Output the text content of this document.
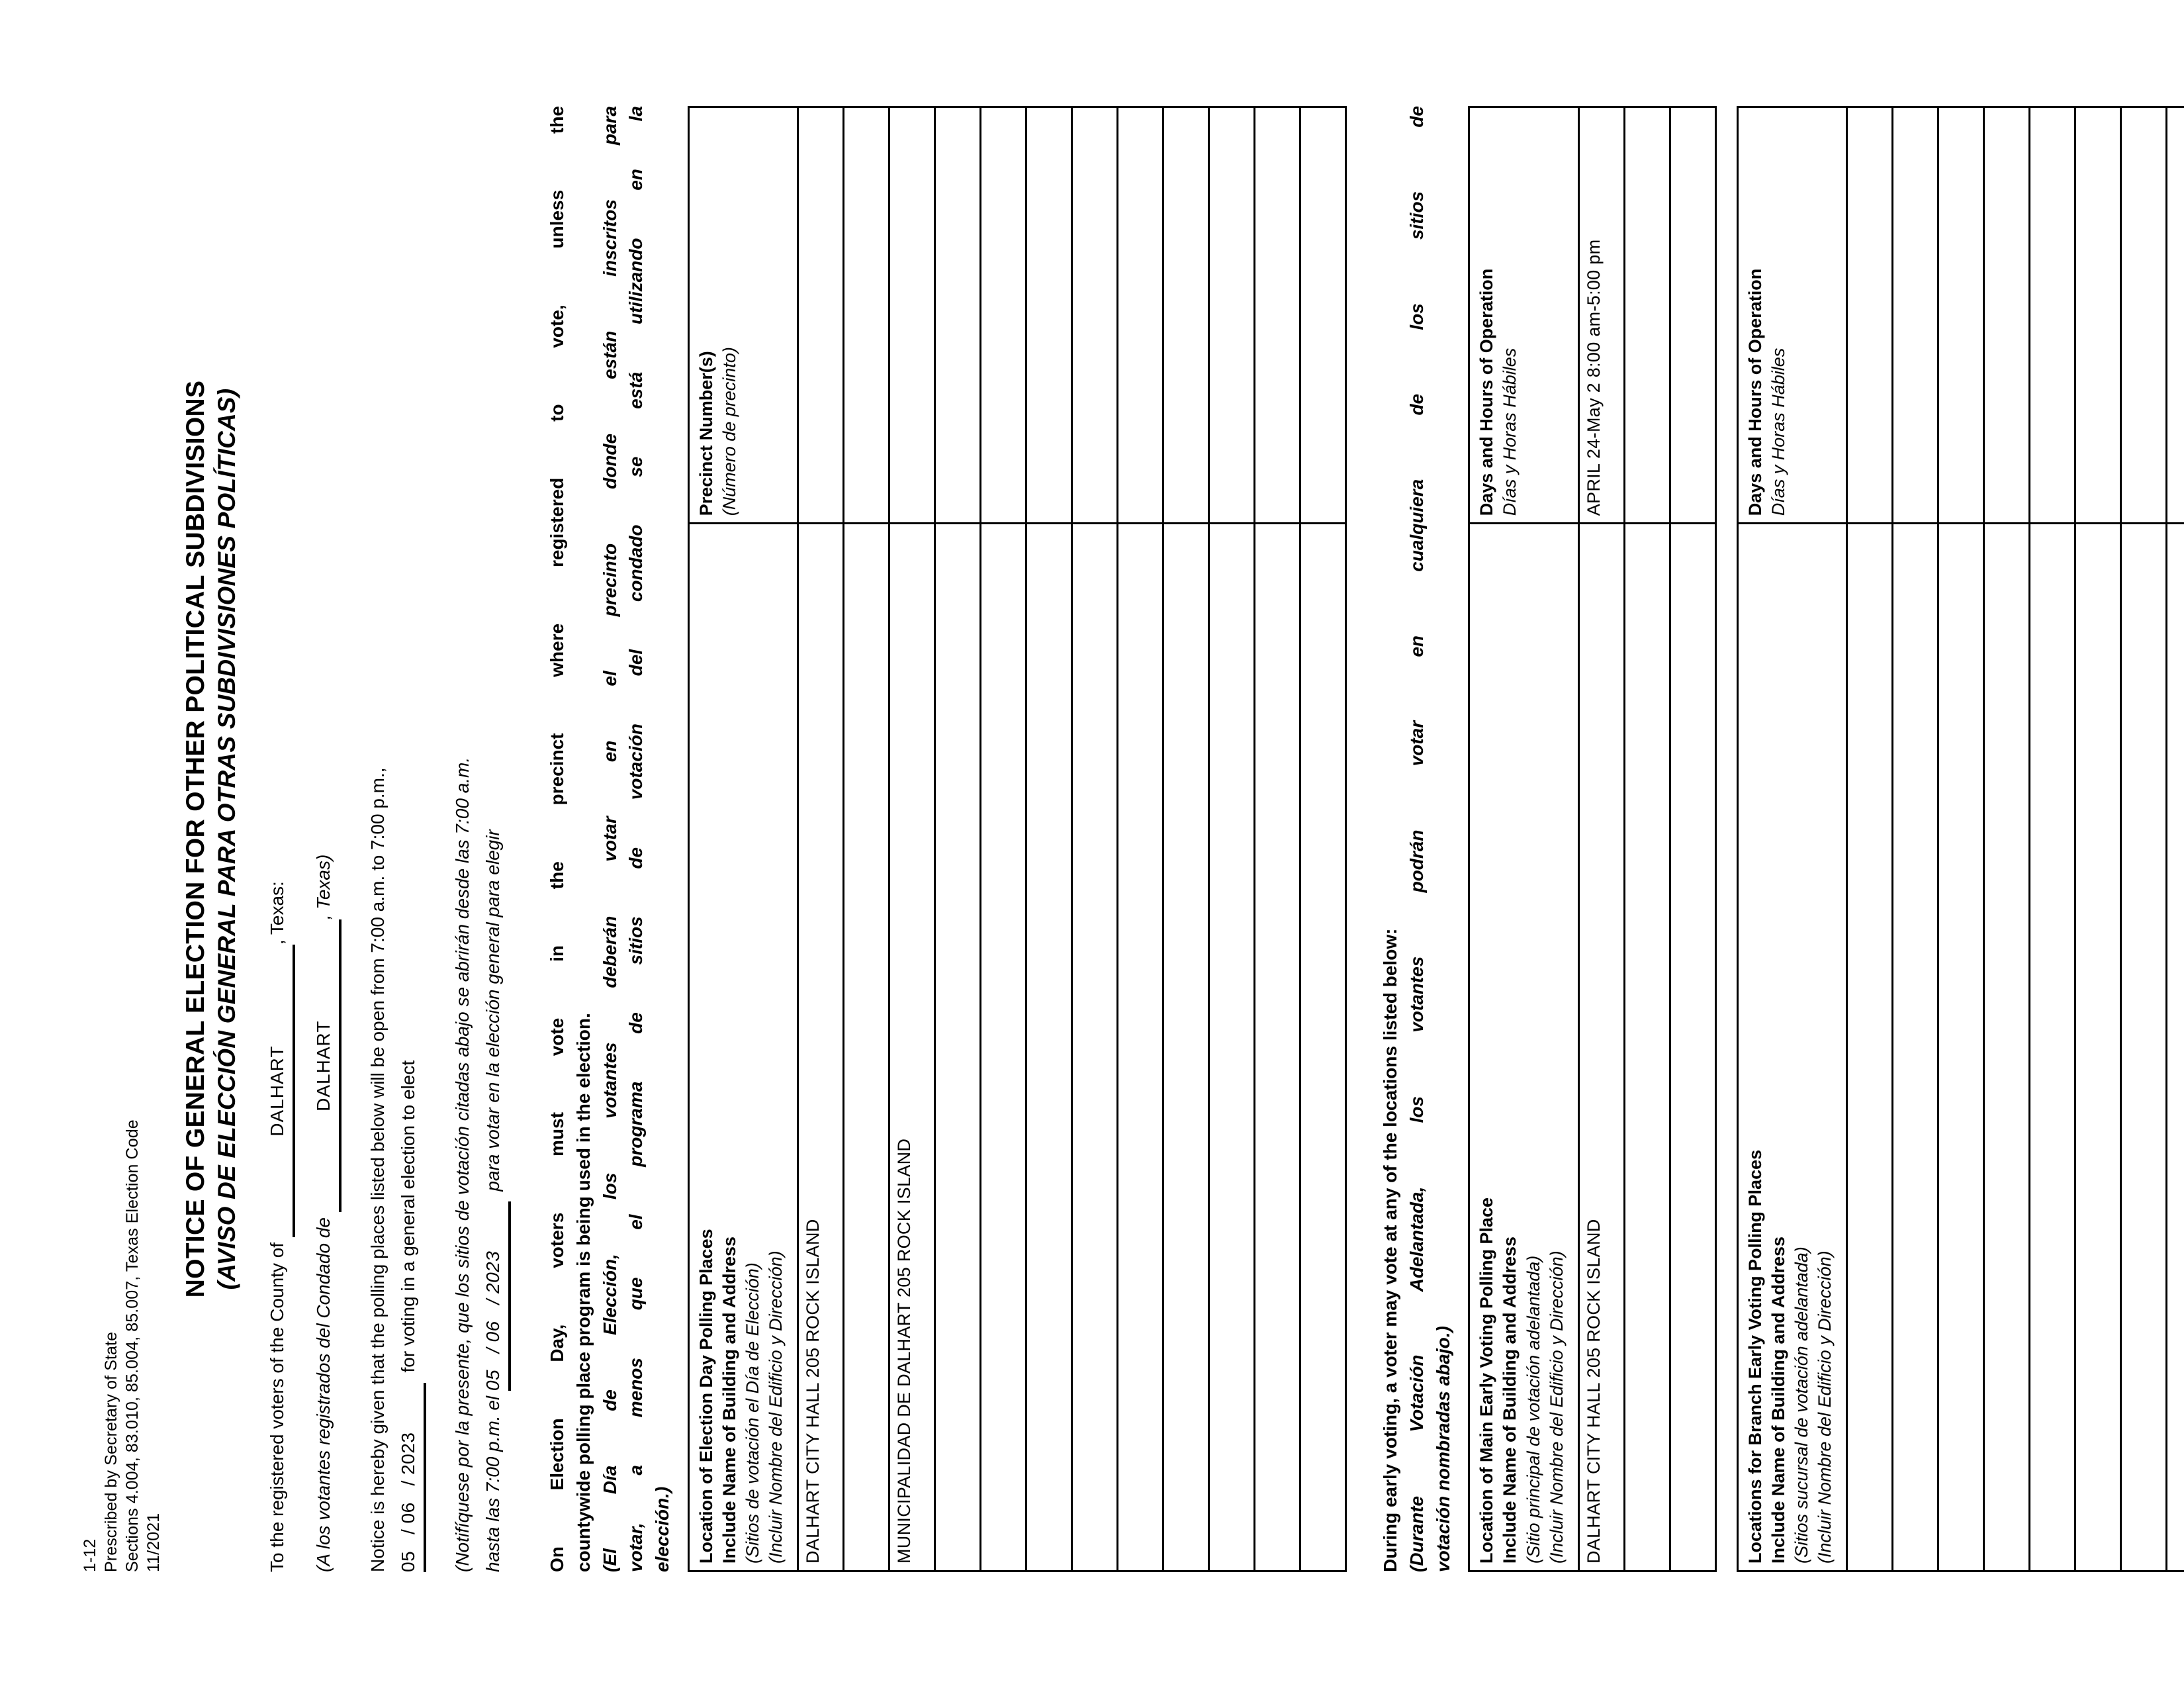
1-12 Prescribed by Secretary of State Sections 4.004, 83.010, 85.004, 85.007, Texas Election Code 11/2021
NOTICE OF GENERAL ELECTION FOR OTHER POLITICAL SUBDIVISIONS (AVISO DE ELECCIÓN GENERAL PARA OTRAS SUBDIVISIONES POLÍTICAS)
To the registered voters of the County of DALHART, Texas:
(A los votantes registrados del Condado de DALHART, Texas)	Notice is hereby given that the polling places listed below will be open from 7:00 a.m. to 7:00 p.m., 05   / 06   / 2023           for voting in a general election to elect	(Notifíquese por la presente, que los sitios de votación citadas abajo se abrirán desde las 7:00 a.m. hasta las 7:00 p.m. el 05   / 06   / 2023           para votar en la elección general para elegir	On Election Day, voters must vote in the precinct where registered to vote, unless the countywide polling place program is being used in the election. (El Día de Elección, los votantes deberán votar en el precinto donde están inscritos para votar, a menos que el programa de sitios de votación del condado se está utilizando en la elección.) Location of Election Day Polling Places Include Name of Building and Address (Sitios de votación el Día de Elección) (Incluir Nombre del Edificio y Dirección)	Precinct Number(s) (Número de precinto)

DALHART CITY HALL 205 ROCK ISLAND	

MUNICIPALIDAD DE DALHART 205 ROCK ISLAND	

		During early voting, a voter may vote at any of the locations listed below: (Durante Votación Adelantada, los votantes podrán votar en cualquiera de los sitios de votación nombradas abajo.) Location of Main Early Voting Polling Place Include Name of Building and Address (Sitio principal de votación adelantada) (Incluir Nombre del Edificio y Dirección)	Days and Hours of Operation Días y Horas Hábiles

DALHART CITY HALL 205 ROCK ISLAND	APRIL 24-May 2 8:00 am-5:00 pm

Locations for Branch Early Voting Polling Places Include Name of Building and Address (Sitios sucursal de votación adelantada) (Incluir Nombre del Edificio y Dirección)	Days and Hours of Operation Días y Horas Hábiles
